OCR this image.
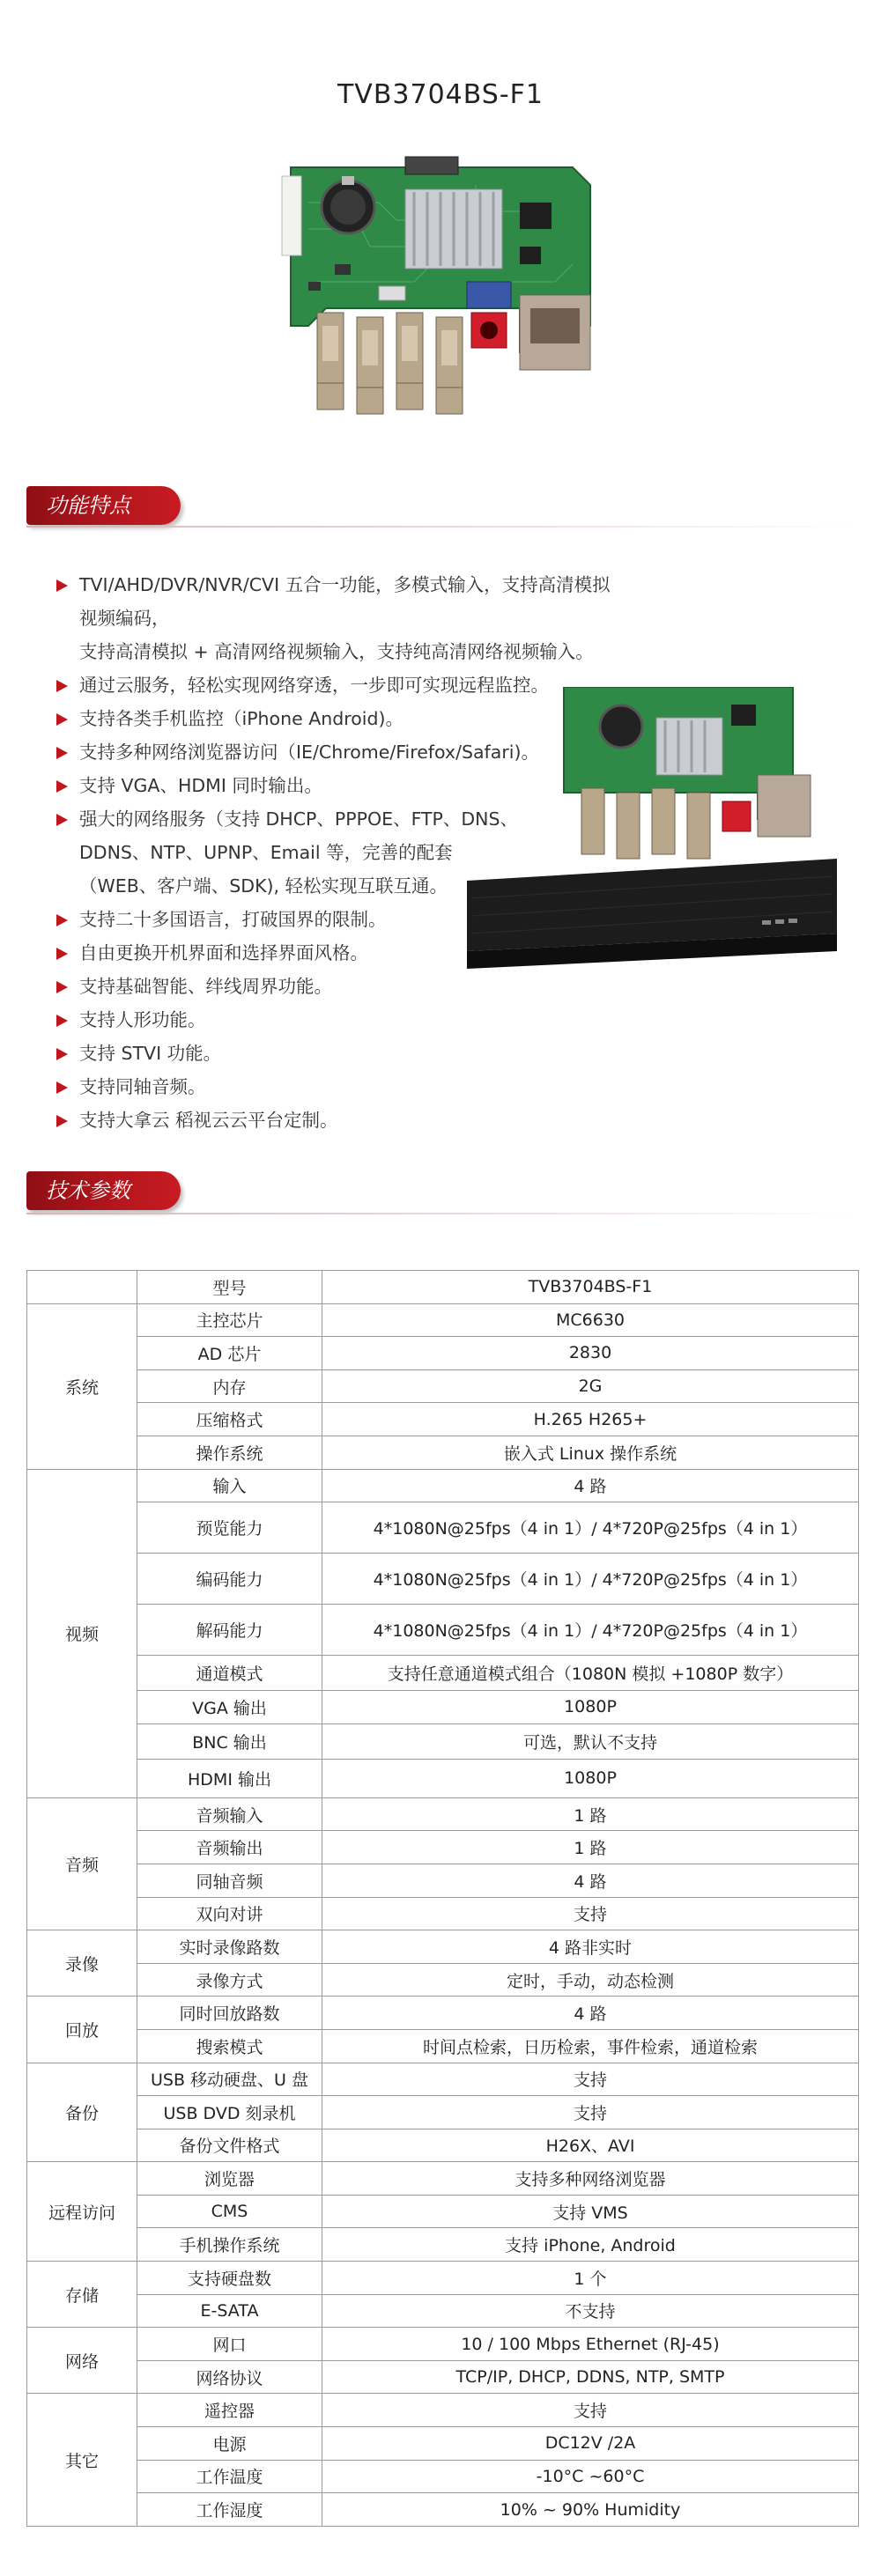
TVB3704BS-F1
功能特点
TVI/AHD/DVR/NVR/CVI 五合一功能，多模式输入，支持高清模拟视频编码，
支持高清模拟 + 高清网络视频输入，支持纯高清网络视频输入。
通过云服务，轻松实现网络穿透，一步即可实现远程监控。
支持各类手机监控（iPhone Android)。
支持多种网络浏览器访问（IE/Chrome/Firefox/Safari)。
支持 VGA、HDMI 同时输出。
强大的网络服务（支持 DHCP、PPPOE、FTP、DNS、
DDNS、NTP、UPNP、Email 等，完善的配套
（WEB、客户端、SDK), 轻松实现互联互通。
支持二十多国语言，打破国界的限制。
自由更换开机界面和选择界面风格。
支持基础智能、绊线周界功能。
支持人形功能。
支持 STVI 功能。
支持同轴音频。
支持大拿云 稻视云云平台定制。
技术参数
	型号	TVB3704BS-F1
系统	主控芯片	MC6630
	AD 芯片	2830
	内存	2G
	压缩格式	H.265 H265+
	操作系统	嵌入式 Linux 操作系统
视频	输入	4 路
	预览能力	4*1080N@25fps（4 in 1）/ 4*720P@25fps（4 in 1）
	编码能力	4*1080N@25fps（4 in 1）/ 4*720P@25fps（4 in 1）
	解码能力	4*1080N@25fps（4 in 1）/ 4*720P@25fps（4 in 1）
	通道模式	支持任意通道模式组合（1080N 模拟 +1080P 数字）
	VGA 输出	1080P
	BNC 输出	可选，默认不支持
	HDMI 输出	1080P
音频	音频输入	1 路
	音频输出	1 路
	同轴音频	4 路
	双向对讲	支持
录像	实时录像路数	4 路非实时
	录像方式	定时，手动，动态检测
回放	同时回放路数	4 路
	搜索模式	时间点检索，日历检索，事件检索，通道检索
备份	USB 移动硬盘、U 盘	支持
	USB DVD 刻录机	支持
	备份文件格式	H26X、AVI
远程访问	浏览器	支持多种网络浏览器
	CMS	支持 VMS
	手机操作系统	支持 iPhone, Android
存储	支持硬盘数	1 个
	E-SATA	不支持
网络	网口	10 / 100 Mbps Ethernet (RJ-45)
	网络协议	TCP/IP, DHCP, DDNS, NTP, SMTP
其它	遥控器	支持
	电源	DC12V /2A
	工作温度	-10°C ~60°C
	工作湿度	10% ~ 90% Humidity
